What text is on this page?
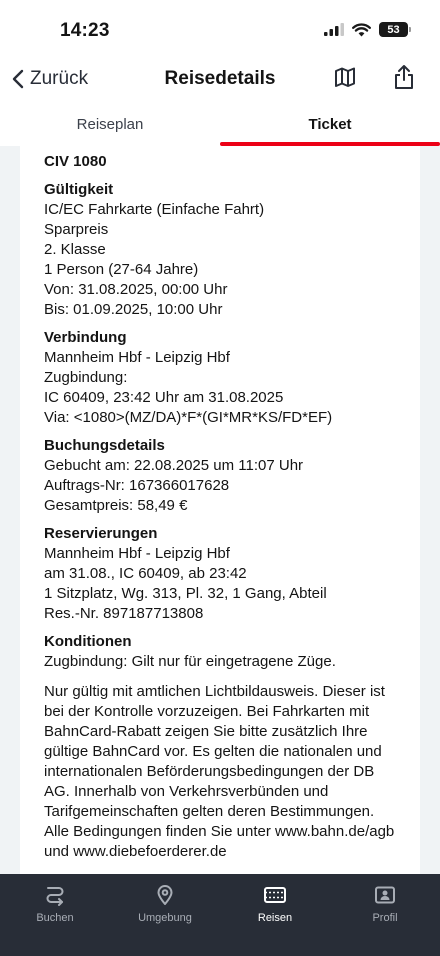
14:23	53
Zurück	Reisedetails
Reiseplan	Ticket
CIV 1080
Gültigkeit
IC/EC Fahrkarte (Einfache Fahrt)
Sparpreis
2. Klasse
1 Person (27-64 Jahre)
Von: 31.08.2025, 00:00 Uhr
Bis: 01.09.2025, 10:00 Uhr
Verbindung
Mannheim Hbf - Leipzig Hbf
Zugbindung:
IC 60409, 23:42 Uhr am 31.08.2025
Via: <1080>(MZ/DA)*F*(GI*MR*KS/FD*EF)
Buchungsdetails
Gebucht am: 22.08.2025 um 11:07 Uhr
Auftrags-Nr: 167366017628
Gesamtpreis: 58,49 €
Reservierungen
Mannheim Hbf - Leipzig Hbf
am 31.08., IC 60409, ab 23:42
1 Sitzplatz, Wg. 313, Pl. 32, 1 Gang, Abteil
Res.-Nr. 897187713808
Konditionen
Zugbindung: Gilt nur für eingetragene Züge.
Nur gültig mit amtlichen Lichtbildausweis. Dieser ist bei der Kontrolle vorzuzeigen. Bei Fahrkarten mit BahnCard-Rabatt zeigen Sie bitte zusätzlich Ihre gültige BahnCard vor. Es gelten die nationalen und internationalen Beförderungsbedingungen der DB AG. Innerhalb von Verkehrsverbünden und Tarifgemeinschaften gelten deren Bestimmungen. Alle Bedingungen finden Sie unter www.bahn.de/agb und www.diebefoerderer.de
Buchen	Umgebung	Reisen	Profil
